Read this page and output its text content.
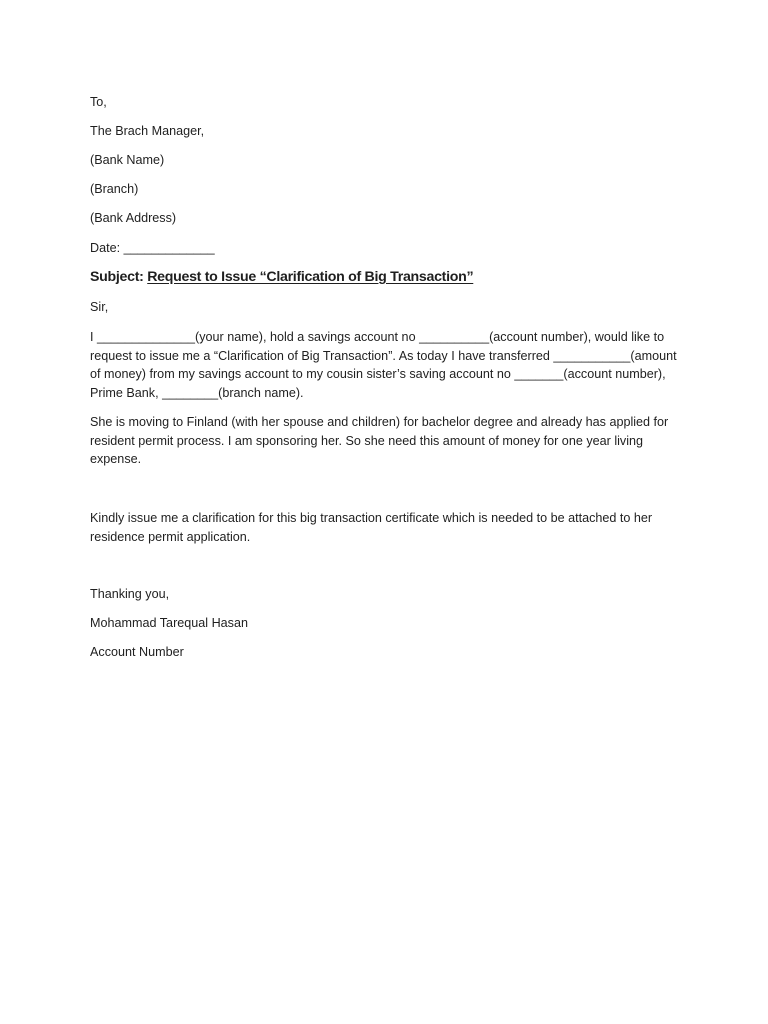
To,

The Brach Manager,

(Bank Name)

(Branch)

(Bank Address)

Date: _____________

Subject: Request to Issue “Clarification of Big Transaction”

Sir,

I ______________(your name), hold a savings account no __________(account number), would like to request to issue me a “Clarification of Big Transaction”. As today I have transferred ___________(amount of money) from my savings account to my cousin sister’s saving account no _______(account number), Prime Bank, ________(branch name).

She is moving to Finland (with her spouse and children) for bachelor degree and already has applied for resident permit process. I am sponsoring her. So she need this amount of money for one year living expense.

Kindly issue me a clarification for this big transaction certificate which is needed to be attached to her residence permit application.

Thanking you,

Mohammad Tarequal Hasan

Account Number
